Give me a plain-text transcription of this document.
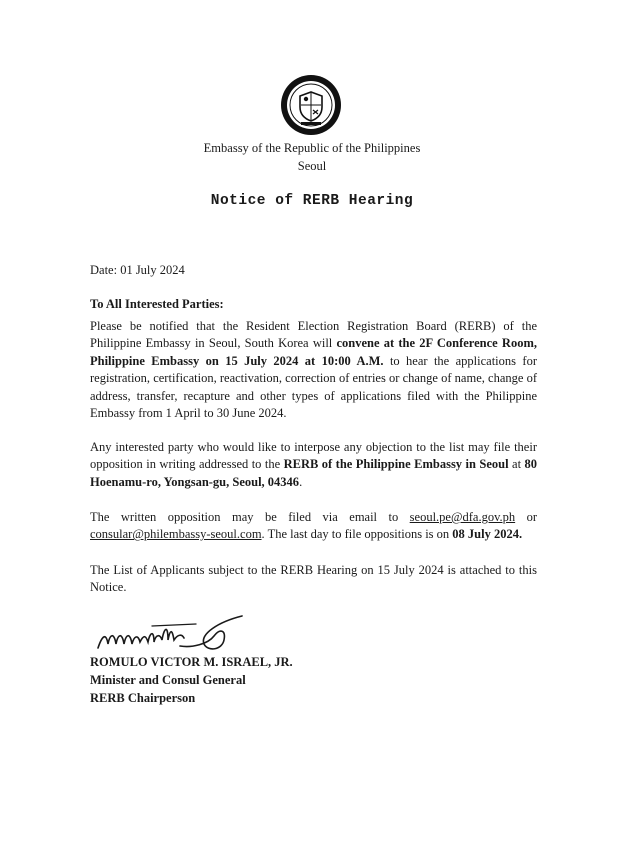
Embassy of the Republic of the Philippines
Seoul
Notice of RERB Hearing
Date: 01 July 2024
To All Interested Parties:
Please be notified that the Resident Election Registration Board (RERB) of the Philippine Embassy in Seoul, South Korea will convene at the 2F Conference Room, Philippine Embassy on 15 July 2024 at 10:00 A.M. to hear the applications for registration, certification, reactivation, correction of entries or change of name, change of address, transfer, recapture and other types of applications filed with the Philippine Embassy from 1 April to 30 June 2024.
Any interested party who would like to interpose any objection to the list may file their opposition in writing addressed to the RERB of the Philippine Embassy in Seoul at 80 Hoenamu-ro, Yongsan-gu, Seoul, 04346.
The written opposition may be filed via email to seoul.pe@dfa.gov.ph or consular@philembassy-seoul.com. The last day to file oppositions is on 08 July 2024.
The List of Applicants subject to the RERB Hearing on 15 July 2024 is attached to this Notice.
ROMULO VICTOR M. ISRAEL, JR.
Minister and Consul General
RERB Chairperson
